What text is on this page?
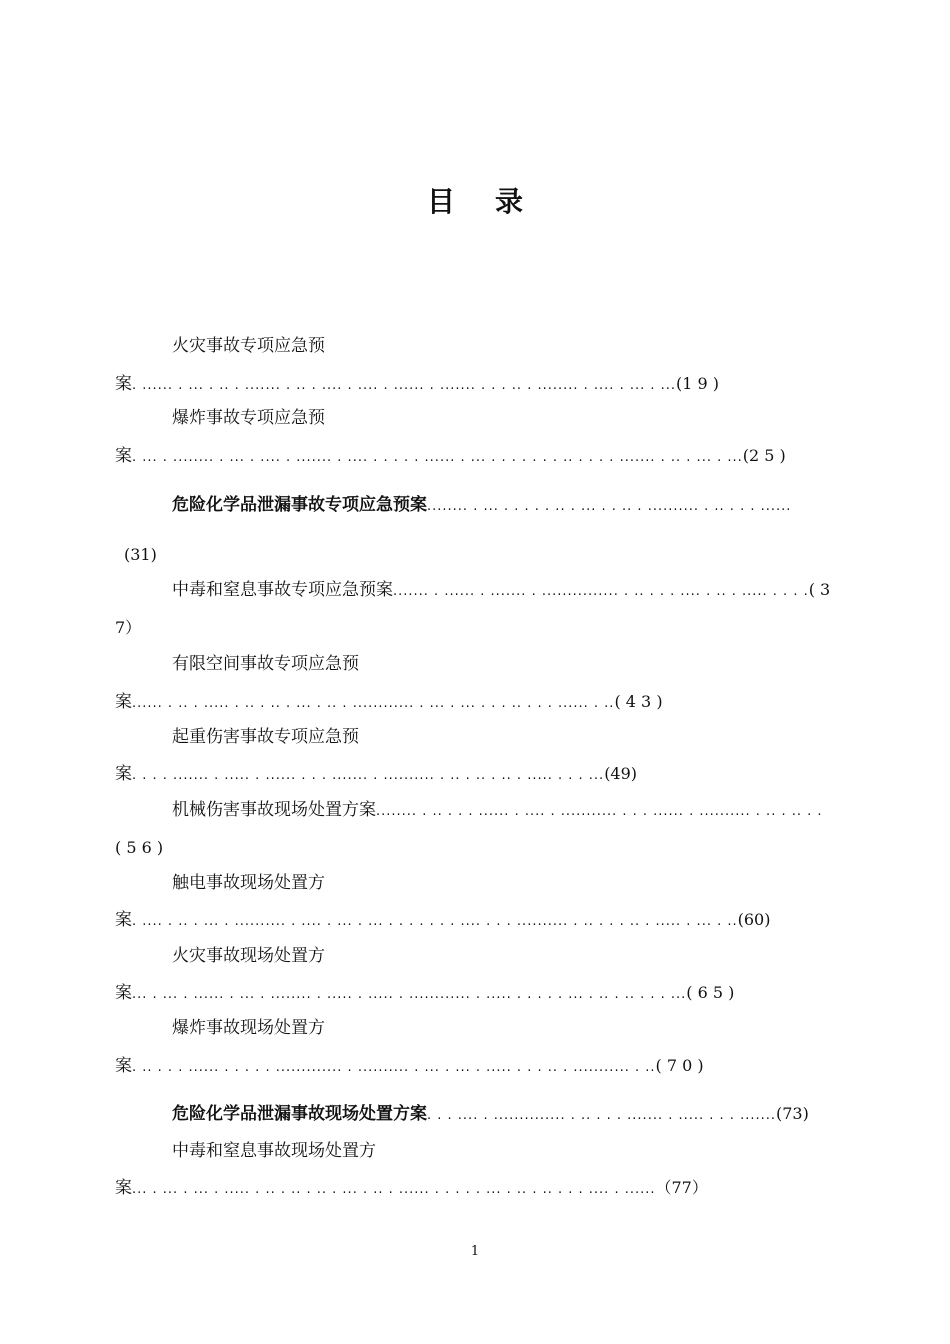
目录
火灾事故专项应急预
案. ...... . ... . .. . ....... . .. . .... . .... . ...... . ....... . . . .. . ........ . .... . ... . ...(1 9 )
爆炸事故专项应急预
案. ... . ........ . ... . .... . ....... . .... . . . . . ...... . ... . . . . . . . .. . . . . ....... . .. . ... . ...(2 5 )
危险化学品泄漏事故专项应急预案........ . ... . . . . . .. . ... . . .. . .......... . .. . . . ......
(31)
中毒和窒息事故专项应急预案....... . ...... . ....... . ............... . .. . . . .... . .. . ..... . . . .( 3
7）
有限空间事故专项应急预
案...... . .. . ..... . .. . .. . ... . .. . ............ . ... . ... . . . .. . . . ...... . ..( 4 3 )
起重伤害事故专项应急预
案. . . . ....... . ..... . ...... . . . ....... . .......... . .. . .. . .. . ..... . . . ...(49)
机械伤害事故现场处置方案........ . .. . . . ...... . .... . ........... . . . ...... . .......... . .. . .. . .
( 5 6 )
触电事故现场处置方
案. .... . .. . ... . .......... . .... . ... . ... . . . . . . . .... . . . .......... . .. . . . .. . ..... . ... . ..(60)
火灾事故现场处置方
案... . ... . ...... . ... . ........ . ..... . ..... . ............ . ..... . . . . . ... . .. . .. . . . ...( 6 5 )
爆炸事故现场处置方
案. .. . . . ...... . . . . . ............. . .......... . ... . ... . ..... . . . .. . ........... . ..( 7 0 )
危险化学品泄漏事故现场处置方案. . . .... . .............. . .. . . . ....... . ..... . . . .......(73)
中毒和窒息事故现场处置方
案... . ... . ... . ..... . .. . .. . .. . ... . .. . ...... . . . . . ... . .. . .. . . . .... . ......（77）
1
